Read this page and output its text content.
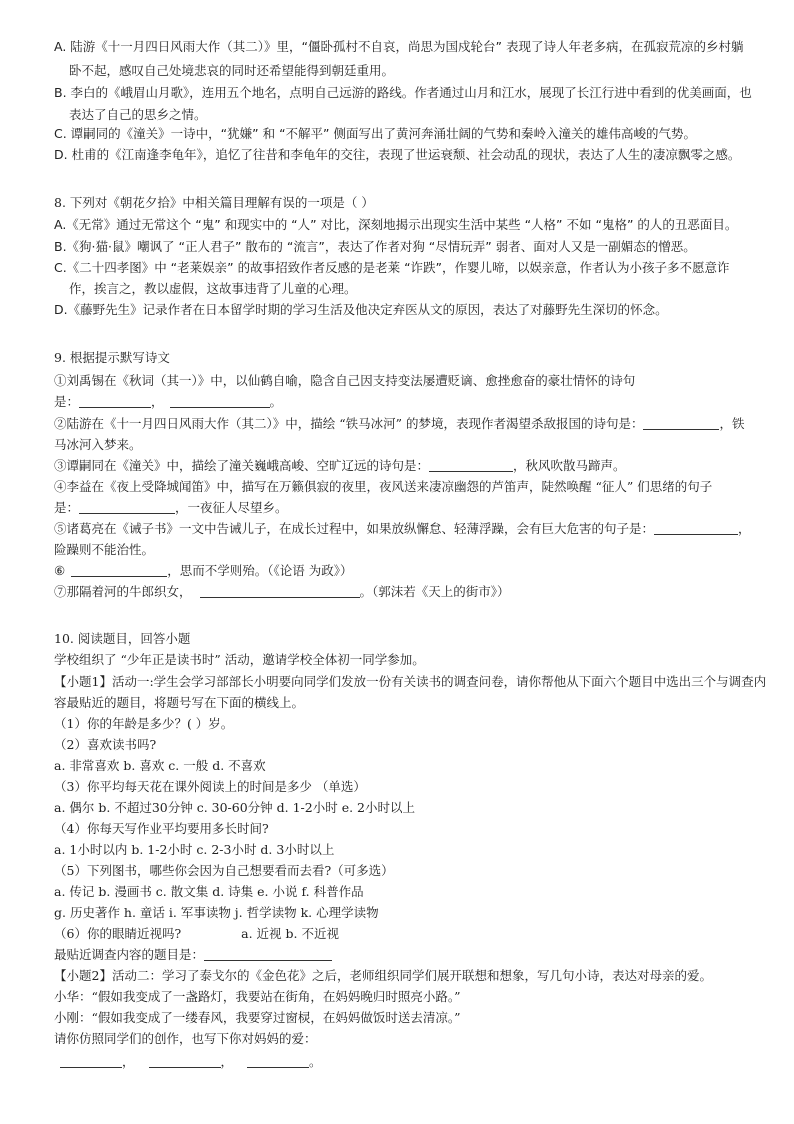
A. 陆游《十一月四日风雨大作（其二）》里，“僵卧孤村不自哀，尚思为国戍轮台” 表现了诗人年老多病，在孤寂荒凉的乡村躺
卧不起，感叹自己处境悲哀的同时还希望能得到朝廷重用。
B. 李白的《峨眉山月歌》，连用五个地名，点明自己远游的路线。作者通过山月和江水，展现了长江行进中看到的优美画面，也
表达了自己的思乡之情。
C. 谭嗣同的《潼关》一诗中，“犹嫌” 和 “不解平” 侧面写出了黄河奔涌壮阔的气势和秦岭入潼关的雄伟高峻的气势。
D. 杜甫的《江南逢李龟年》，追忆了往昔和李龟年的交往，表现了世运衰颓、社会动乱的现状，表达了人生的凄凉飘零之感。
8. 下列对《朝花夕拾》中相关篇目理解有误的一项是（ ）
A.《无常》通过无常这个 “鬼” 和现实中的 “人” 对比，深刻地揭示出现实生活中某些 “人格” 不如 “鬼格” 的人的丑恶面目。
B.《狗·猫·鼠》嘲讽了 “正人君子” 散布的 “流言”，表达了作者对狗 “尽情玩弄” 弱者、面对人又是一副媚态的憎恶。
C.《二十四孝图》中 “老莱娱亲” 的故事招致作者反感的是老莱 “诈跌”，作婴儿啼，以娱亲意，作者认为小孩子多不愿意诈
作，挨言之，教以虚假，这故事违背了儿童的心理。
D.《藤野先生》记录作者在日本留学时期的学习生活及他决定弃医从文的原因，表达了对藤野先生深切的怀念。
9. 根据提示默写诗文
①刘禹锡在《秋词（其一）》中，以仙鹤自喻，隐含自己因支持变法屡遭贬谪、愈挫愈奋的豪壮情怀的诗句
是：	，	。
②陆游在《十一月四日风雨大作（其二）》中，描绘 “铁马冰河” 的梦境，表现作者渴望杀敌报国的诗句是：	，铁
马冰河入梦来。
③谭嗣同在《潼关》中，描绘了潼关巍峨高峻、空旷辽远的诗句是：	，秋风吹散马蹄声。
④李益在《夜上受降城闻笛》中，描写在万籁俱寂的夜里，夜风送来凄凉幽怨的芦笛声，陡然唤醒 “征人” 们思绪的句子
是：	，一夜征人尽望乡。
⑤诸葛亮在《诫子书》一文中告诫儿子，在成长过程中，如果放纵懈怠、轻薄浮躁，会有巨大危害的句子是：	，
险躁则不能治性。
⑥	，思而不学则殆。（《论语 为政》）
⑦那隔着河的牛郎织女，	。（郭沫若《天上的街市》）
10. 阅读题目，回答小题
学校组织了 “少年正是读书时” 活动，邀请学校全体初一同学参加。
【小题1】活动一:学生会学习部部长小明要向同学们发放一份有关读书的调查问卷，请你帮他从下面六个题目中选出三个与调查内
容最贴近的题目，将题号写在下面的横线上。
（1）你的年龄是多少？( ）岁。
（2）喜欢读书吗?
a. 非常喜欢 b. 喜欢 c. 一般 d. 不喜欢
（3）你平均每天花在课外阅读上的时间是多少 （单选）
a. 偶尔 b. 不超过30分钟 c. 30-60分钟 d. 1-2小时 e. 2小时以上
（4）你每天写作业平均要用多长时间?
a. 1小时以内 b. 1-2小时 c. 2-3小时 d. 3小时以上
（5）下列图书，哪些你会因为自己想要看而去看?（可多选）
a. 传记 b. 漫画书 c. 散文集 d. 诗集 e. 小说 f. 科普作品
g. 历史著作 h. 童话 i. 军事读物 j. 哲学读物 k. 心理学读物
（6）你的眼睛近视吗?	a. 近视 b. 不近视
最贴近调查内容的题目是：
【小题2】活动二：学习了泰戈尔的《金色花》之后，老师组织同学们展开联想和想象，写几句小诗，表达对母亲的爱。
小华：“假如我变成了一盏路灯，我要站在街角，在妈妈晚归时照亮小路。”
小刚：“假如我变成了一缕春风，我要穿过窗棂，在妈妈做饭时送去清凉。”
请你仿照同学们的创作，也写下你对妈妈的爱：
，	，	。
